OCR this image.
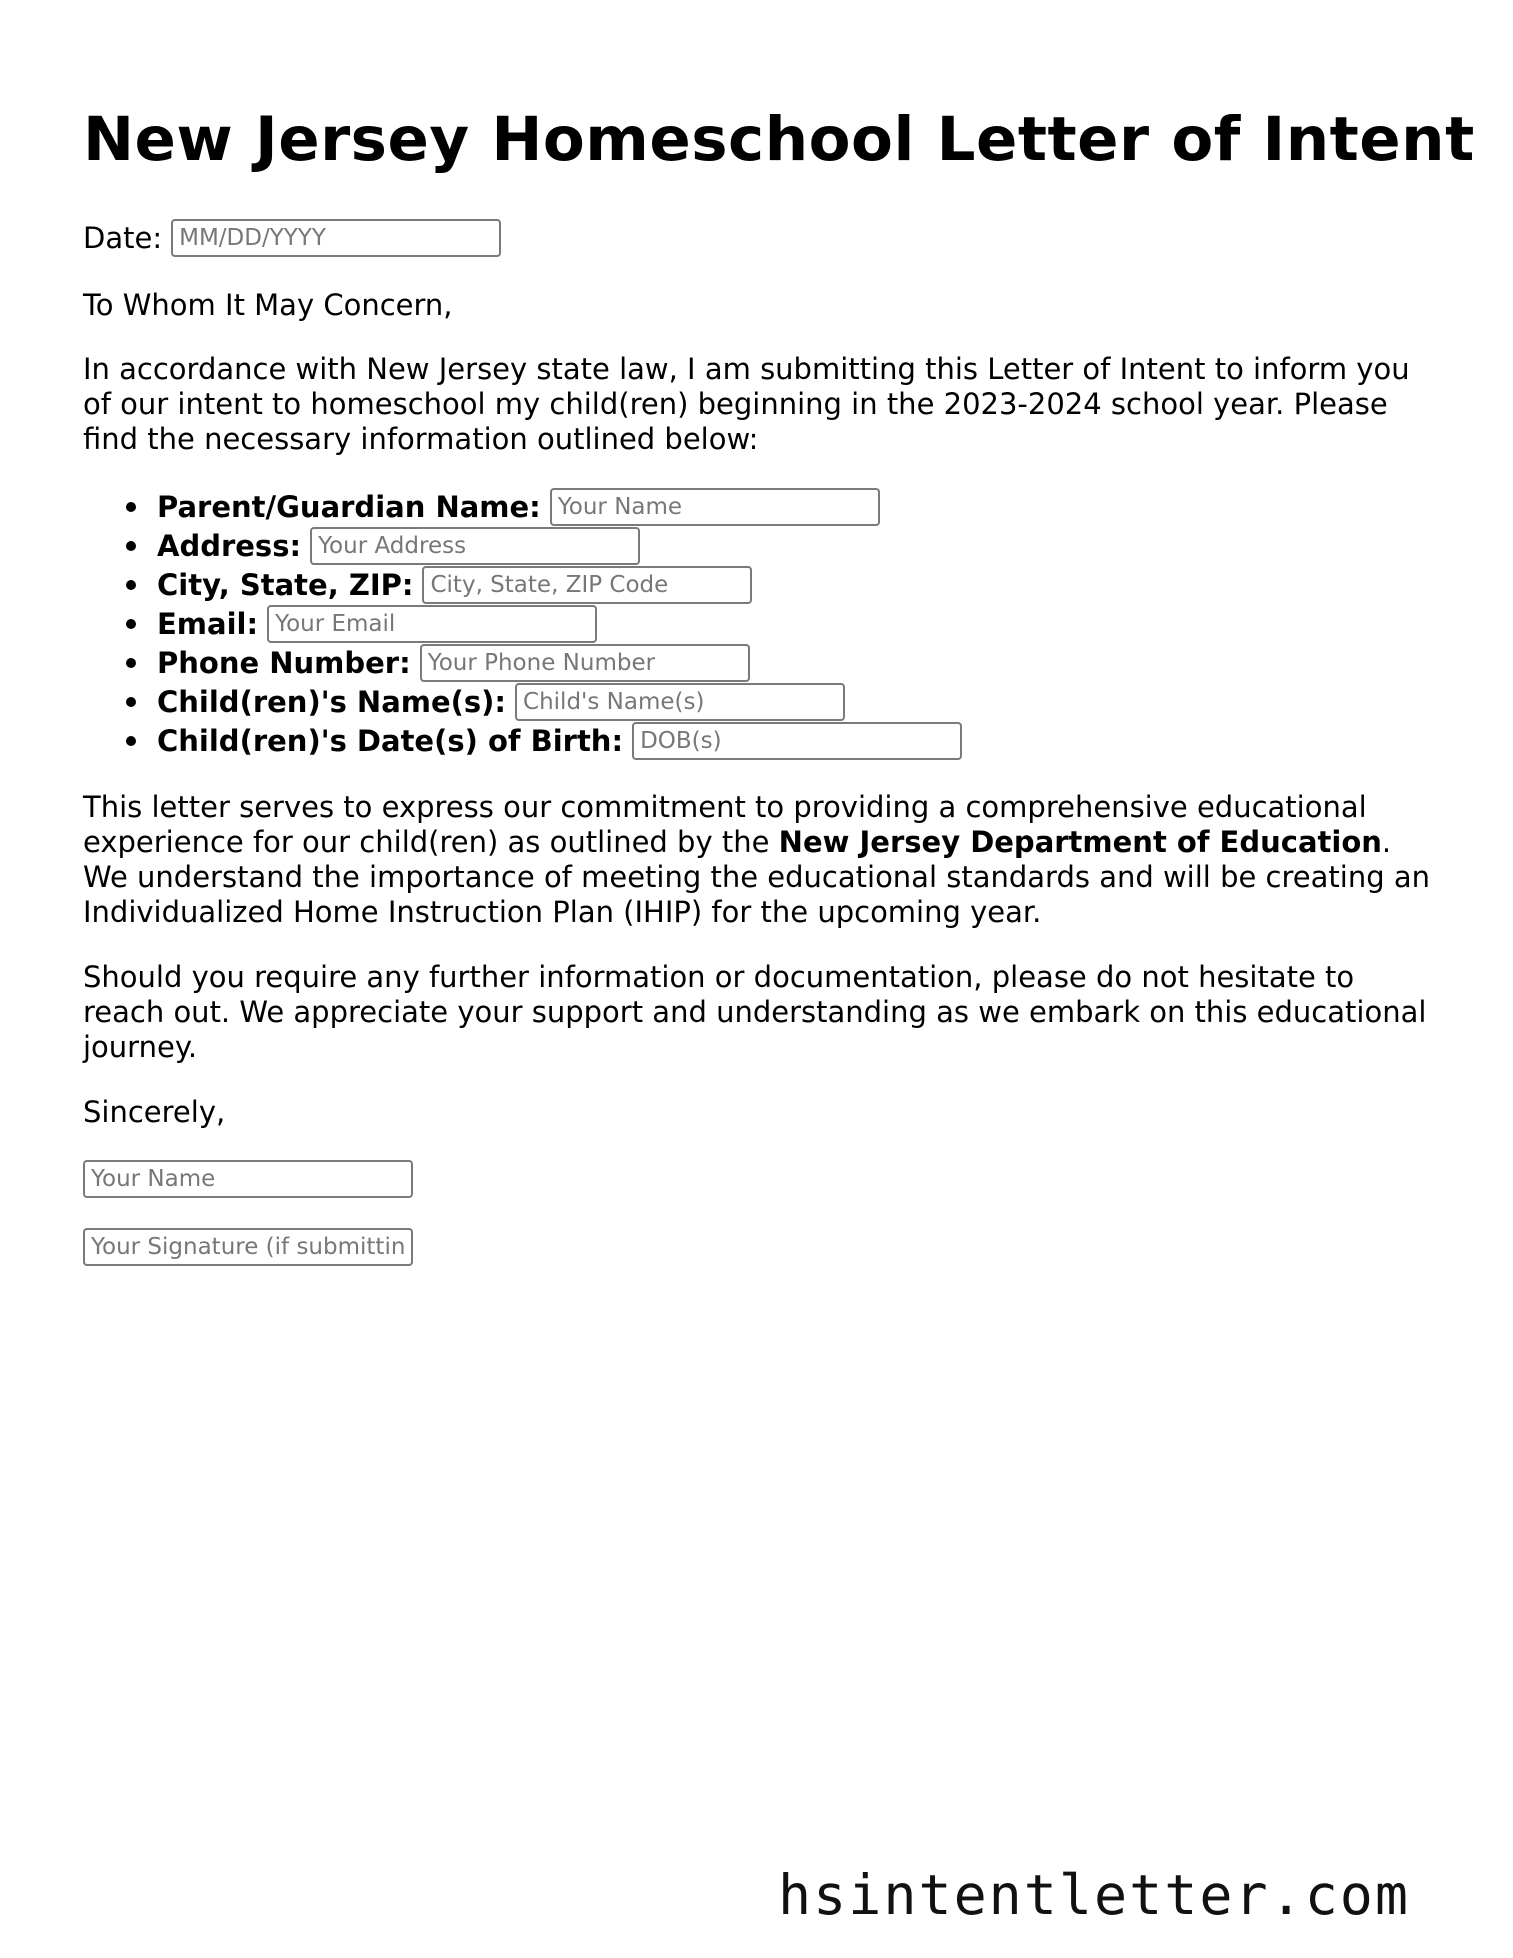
New Jersey Homeschool Letter of Intent

Date:

MM/DD/YYYY

To Whom It May Concern,

In accordance with New Jersey state law, I am submitting this Letter of Intent to inform you of our intent to homeschool my child(ren) beginning in the 2023-2024 school year. Please find the necessary information outlined below:

Parent/Guardian Name:
Your Name
Address:
Your Address
City, State, ZIP:
City, State, ZIP Code
Email:
Your Email
Phone Number:
Your Phone Number
Child(ren)'s Name(s):
Child's Name(s)
Child(ren)'s Date(s) of Birth:
DOB(s)

This letter serves to express our commitment to providing a comprehensive educational experience for our child(ren) as outlined by the New Jersey Department of Education. We understand the importance of meeting the educational standards and will be creating an Individualized Home Instruction Plan (IHIP) for the upcoming year.

Should you require any further information or documentation, please do not hesitate to reach out. We appreciate your support and understanding as we embark on this educational journey.

Sincerely,

Your Name
Your Signature (if submitting by mail)
hsintentletter.com
